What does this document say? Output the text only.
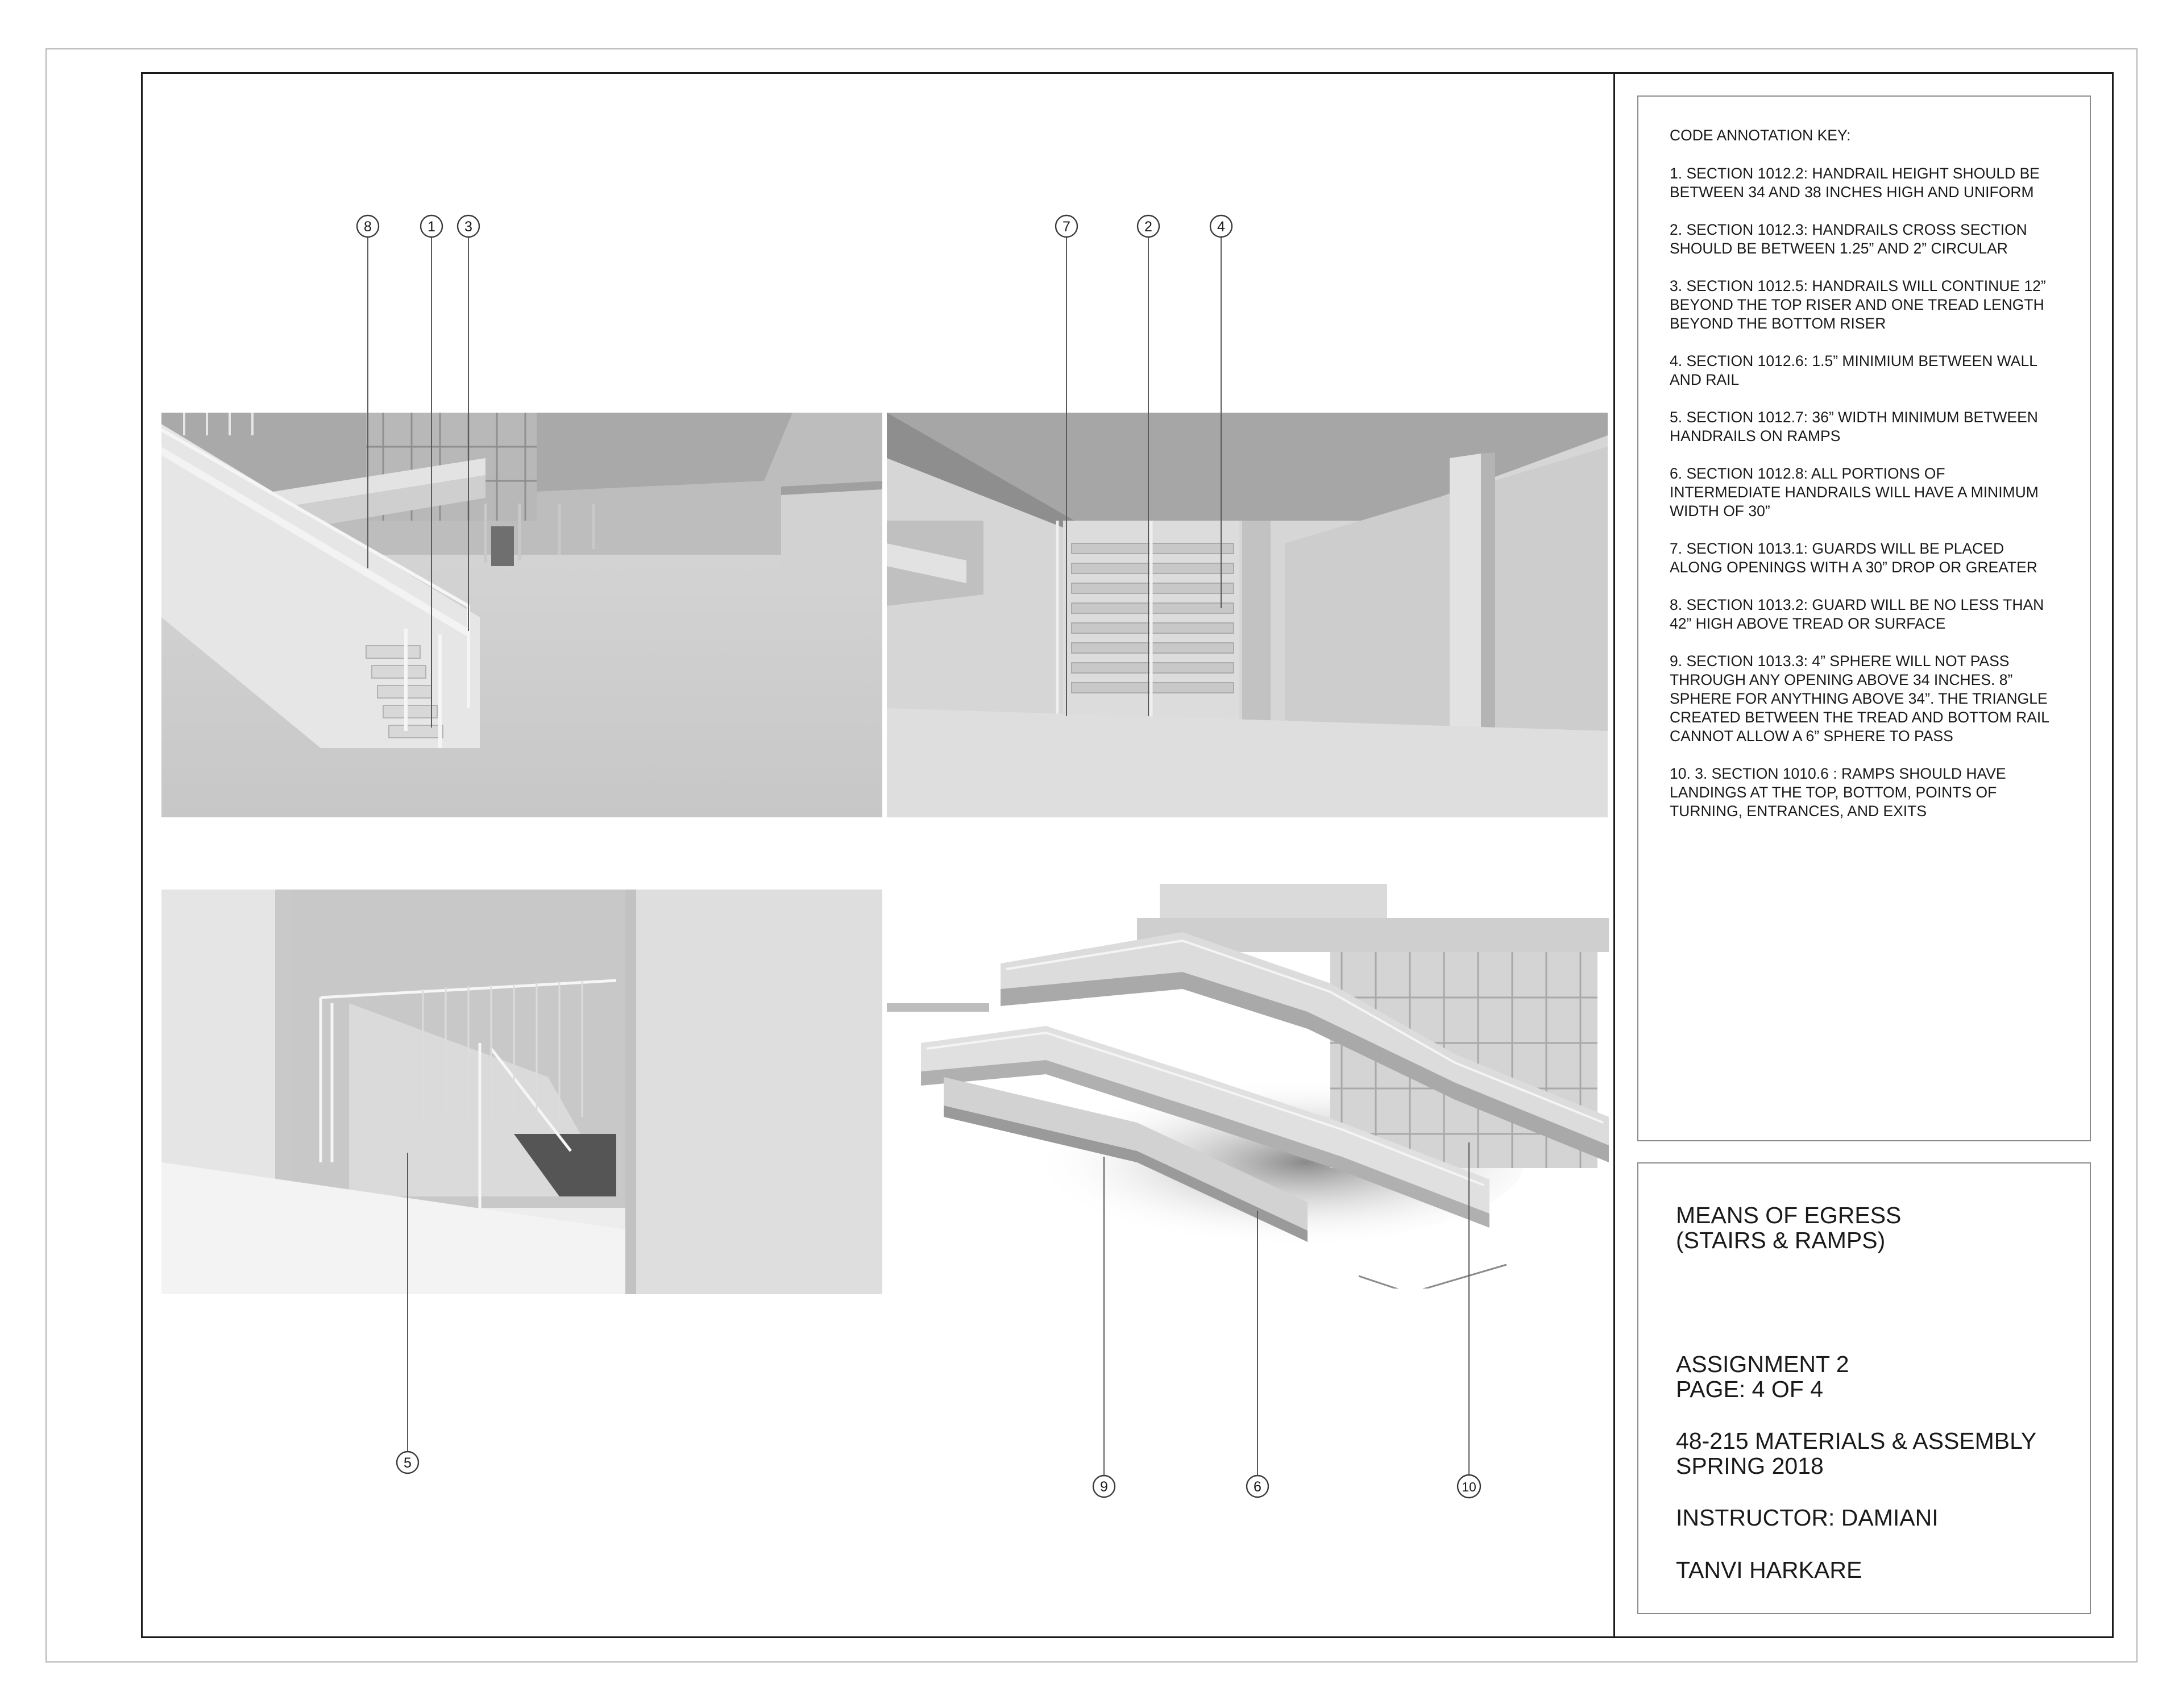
8	1 3	7	2	4
5
9	6	10
CODE ANNOTATION KEY:
1. SECTION 1012.2: HANDRAIL HEIGHT SHOULD BE
BETWEEN 34 AND 38 INCHES HIGH AND UNIFORM
2. SECTION 1012.3: HANDRAILS CROSS SECTION
SHOULD BE BETWEEN 1.25” AND 2” CIRCULAR
3. SECTION 1012.5: HANDRAILS WILL CONTINUE 12”
BEYOND THE TOP RISER AND ONE TREAD LENGTH
BEYOND THE BOTTOM RISER
4. SECTION 1012.6: 1.5” MINIMIUM BETWEEN WALL
AND RAIL
5. SECTION 1012.7: 36” WIDTH MINIMUM BETWEEN
HANDRAILS ON RAMPS
6. SECTION 1012.8: ALL PORTIONS OF
INTERMEDIATE HANDRAILS WILL HAVE A MINIMUM
WIDTH OF 30”
7. SECTION 1013.1: GUARDS WILL BE PLACED
ALONG OPENINGS WITH A 30” DROP OR GREATER
8. SECTION 1013.2: GUARD WILL BE NO LESS THAN
42” HIGH ABOVE TREAD OR SURFACE
9. SECTION 1013.3: 4” SPHERE WILL NOT PASS
THROUGH ANY OPENING ABOVE 34 INCHES. 8”
SPHERE FOR ANYTHING ABOVE 34”. THE TRIANGLE
CREATED BETWEEN THE TREAD AND BOTTOM RAIL
CANNOT ALLOW A 6” SPHERE TO PASS
10. 3. SECTION 1010.6 : RAMPS SHOULD HAVE
LANDINGS AT THE TOP, BOTTOM, POINTS OF
TURNING, ENTRANCES, AND EXITS
MEANS OF EGRESS
(STAIRS & RAMPS)
ASSIGNMENT 2
PAGE: 4 OF 4
48-215 MATERIALS & ASSEMBLY
SPRING 2018
INSTRUCTOR: DAMIANI
TANVI HARKARE
